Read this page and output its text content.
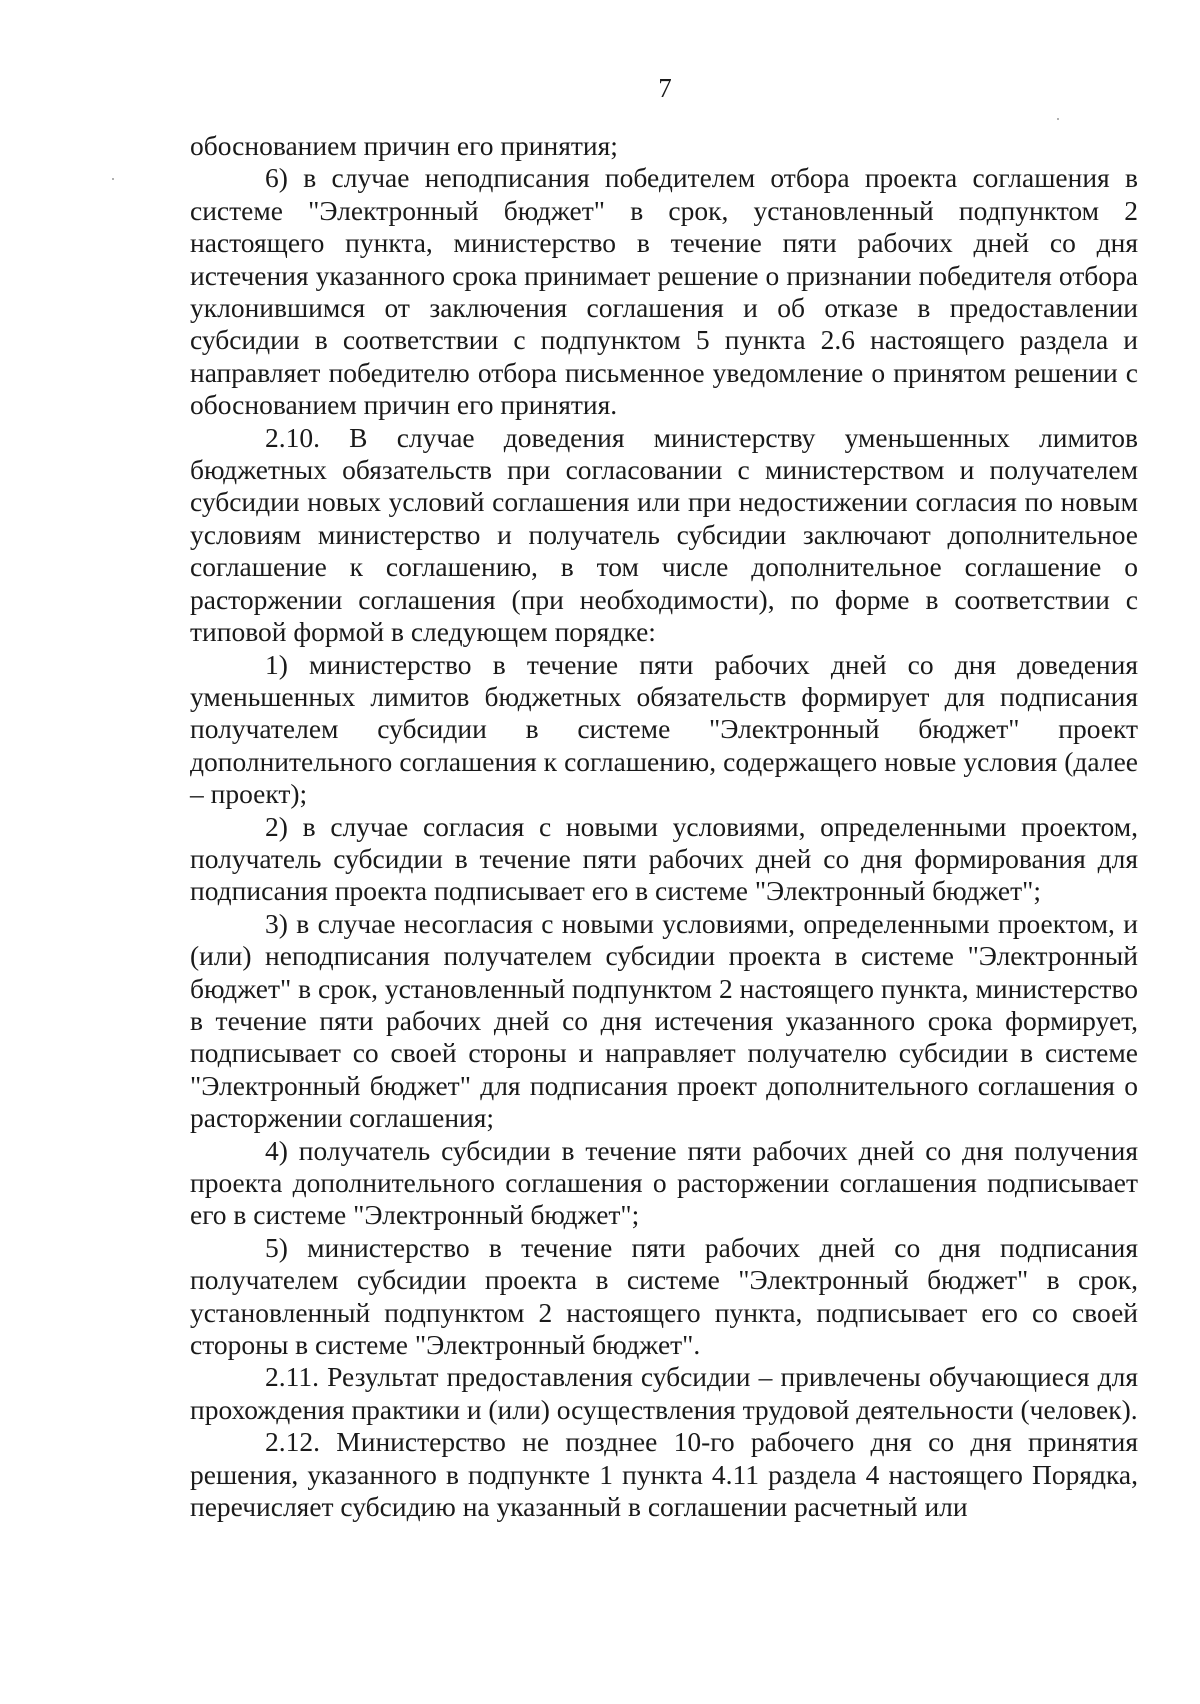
7

обоснованием причин его принятия;

6) в случае неподписания победителем отбора проекта соглашения в системе "Электронный бюджет" в срок, установленный подпунктом 2 настоящего пункта, министерство в течение пяти рабочих дней со дня истечения указанного срока принимает решение о признании победителя отбора уклонившимся от заключения соглашения и об отказе в предоставлении субсидии в соответствии с подпунктом 5 пункта 2.6 настоящего раздела и направляет победителю отбора письменное уведомление о принятом решении с обоснованием причин его принятия.

2.10. В случае доведения министерству уменьшенных лимитов бюджетных обязательств при согласовании с министерством и получателем субсидии новых условий соглашения или при недостижении согласия по новым условиям министерство и получатель субсидии заключают дополнительное соглашение к соглашению, в том числе дополнительное соглашение о расторжении соглашения (при необходимости), по форме в соответствии с типовой формой в следующем порядке:

1) министерство в течение пяти рабочих дней со дня доведения уменьшенных лимитов бюджетных обязательств формирует для подписания получателем субсидии в системе "Электронный бюджет" проект дополнительного соглашения к соглашению, содержащего новые условия (далее – проект);

2) в случае согласия с новыми условиями, определенными проектом, получатель субсидии в течение пяти рабочих дней со дня формирования для подписания проекта подписывает его в системе "Электронный бюджет";

3) в случае несогласия с новыми условиями, определенными проектом, и (или) неподписания получателем субсидии проекта в системе "Электронный бюджет" в срок, установленный подпунктом 2 настоящего пункта, министерство в течение пяти рабочих дней со дня истечения указанного срока формирует, подписывает со своей стороны и направляет получателю субсидии в системе "Электронный бюджет" для подписания проект дополнительного соглашения о расторжении соглашения;

4) получатель субсидии в течение пяти рабочих дней со дня получения проекта дополнительного соглашения о расторжении соглашения подписывает его в системе "Электронный бюджет";

5) министерство в течение пяти рабочих дней со дня подписания получателем субсидии проекта в системе "Электронный бюджет" в срок, установленный подпунктом 2 настоящего пункта, подписывает его со своей стороны в системе "Электронный бюджет".

2.11. Результат предоставления субсидии – привлечены обучающиеся для прохождения практики и (или) осуществления трудовой деятельности (человек).

2.12. Министерство не позднее 10-го рабочего дня со дня принятия решения, указанного в подпункте 1 пункта 4.11 раздела 4 настоящего Порядка, перечисляет субсидию на указанный в соглашении расчетный или
